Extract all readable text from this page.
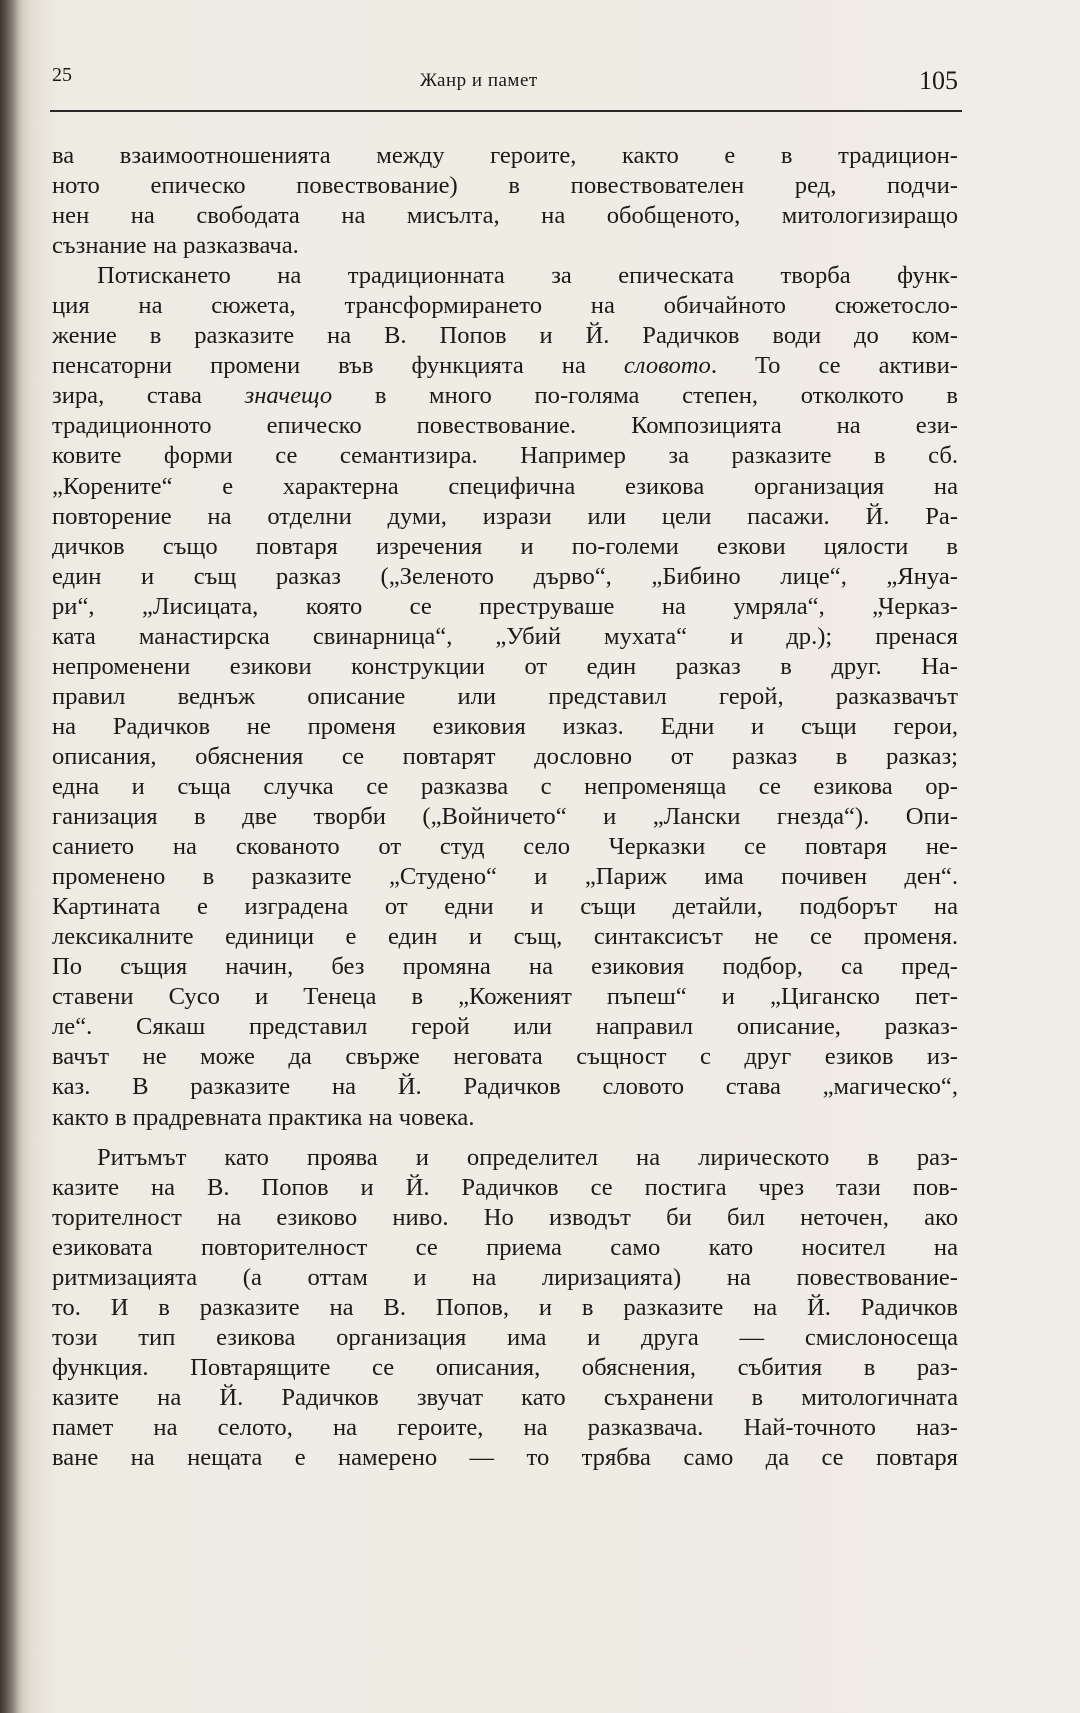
25	Жанр и памет	105
ва взаимоотношенията между героите, както е в традицион-
ното епическо повествование) в повествователен ред, подчи-
нен на свободата на мисълта, на обобщеното, митологизиращо
съзнание на разказвача.
Потискането на традиционната за епическата творба функ-
ция на сюжета, трансформирането на обичайното сюжетосло-
жение в разказите на В. Попов и Й. Радичков води до ком-
пенсаторни промени във функцията на словото. То се активи-
зира, става значещо в много по-голяма степен, отколкото в
традиционното епическо повествование. Композицията на ези-
ковите форми се семантизира. Например за разказите в сб.
„Корените“ е характерна специфична езикова организация на
повторение на отделни думи, изрази или цели пасажи. Й. Ра-
дичков също повтаря изречения и по-големи езкови цялости в
един и същ разказ („Зеленото дърво“, „Бибино лице“, „Януа-
ри“, „Лисицата, която се преструваше на умряла“, „Черказ-
ката манастирска свинарница“, „Убий мухата“ и др.); пренася
непроменени езикови конструкции от един разказ в друг. На-
правил веднъж описание или представил герой, разказвачът
на Радичков не променя езиковия изказ. Едни и същи герои,
описания, обяснения се повтарят дословно от разказ в разказ;
една и съща случка се разказва с непроменяща се езикова ор-
ганизация в две творби („Войничето“ и „Лански гнезда“). Опи-
санието на скованото от студ село Черказки се повтаря не-
променено в разказите „Студено“ и „Париж има почивен ден“.
Картината е изградена от едни и същи детайли, подборът на
лексикалните единици е един и същ, синтаксисът не се променя.
По същия начин, без промяна на езиковия подбор, са пред-
ставени Сусо и Тенеца в „Коженият пъпеш“ и „Циганско пет-
ле“. Сякаш представил герой или направил описание, разказ-
вачът не може да свърже неговата същност с друг езиков из-
каз. В разказите на Й. Радичков словото става „магическо“,
както в прадревната практика на човека.
Ритъмът като проява и определител на лирическото в раз-
казите на В. Попов и Й. Радичков се постига чрез тази пов-
торителност на езиково ниво. Но изводът би бил неточен, ако
езиковата повторителност се приема само като носител на
ритмизацията (а оттам и на лиризацията) на повествование-
то. И в разказите на В. Попов, и в разказите на Й. Радичков
този тип езикова организация има и друга — смислоносеща
функция. Повтарящите се описания, обяснения, събития в раз-
казите на Й. Радичков звучат като съхранени в митологичната
памет на селото, на героите, на разказвача. Най-точното наз-
ване на нещата е намерено — то трябва само да се повтаря
